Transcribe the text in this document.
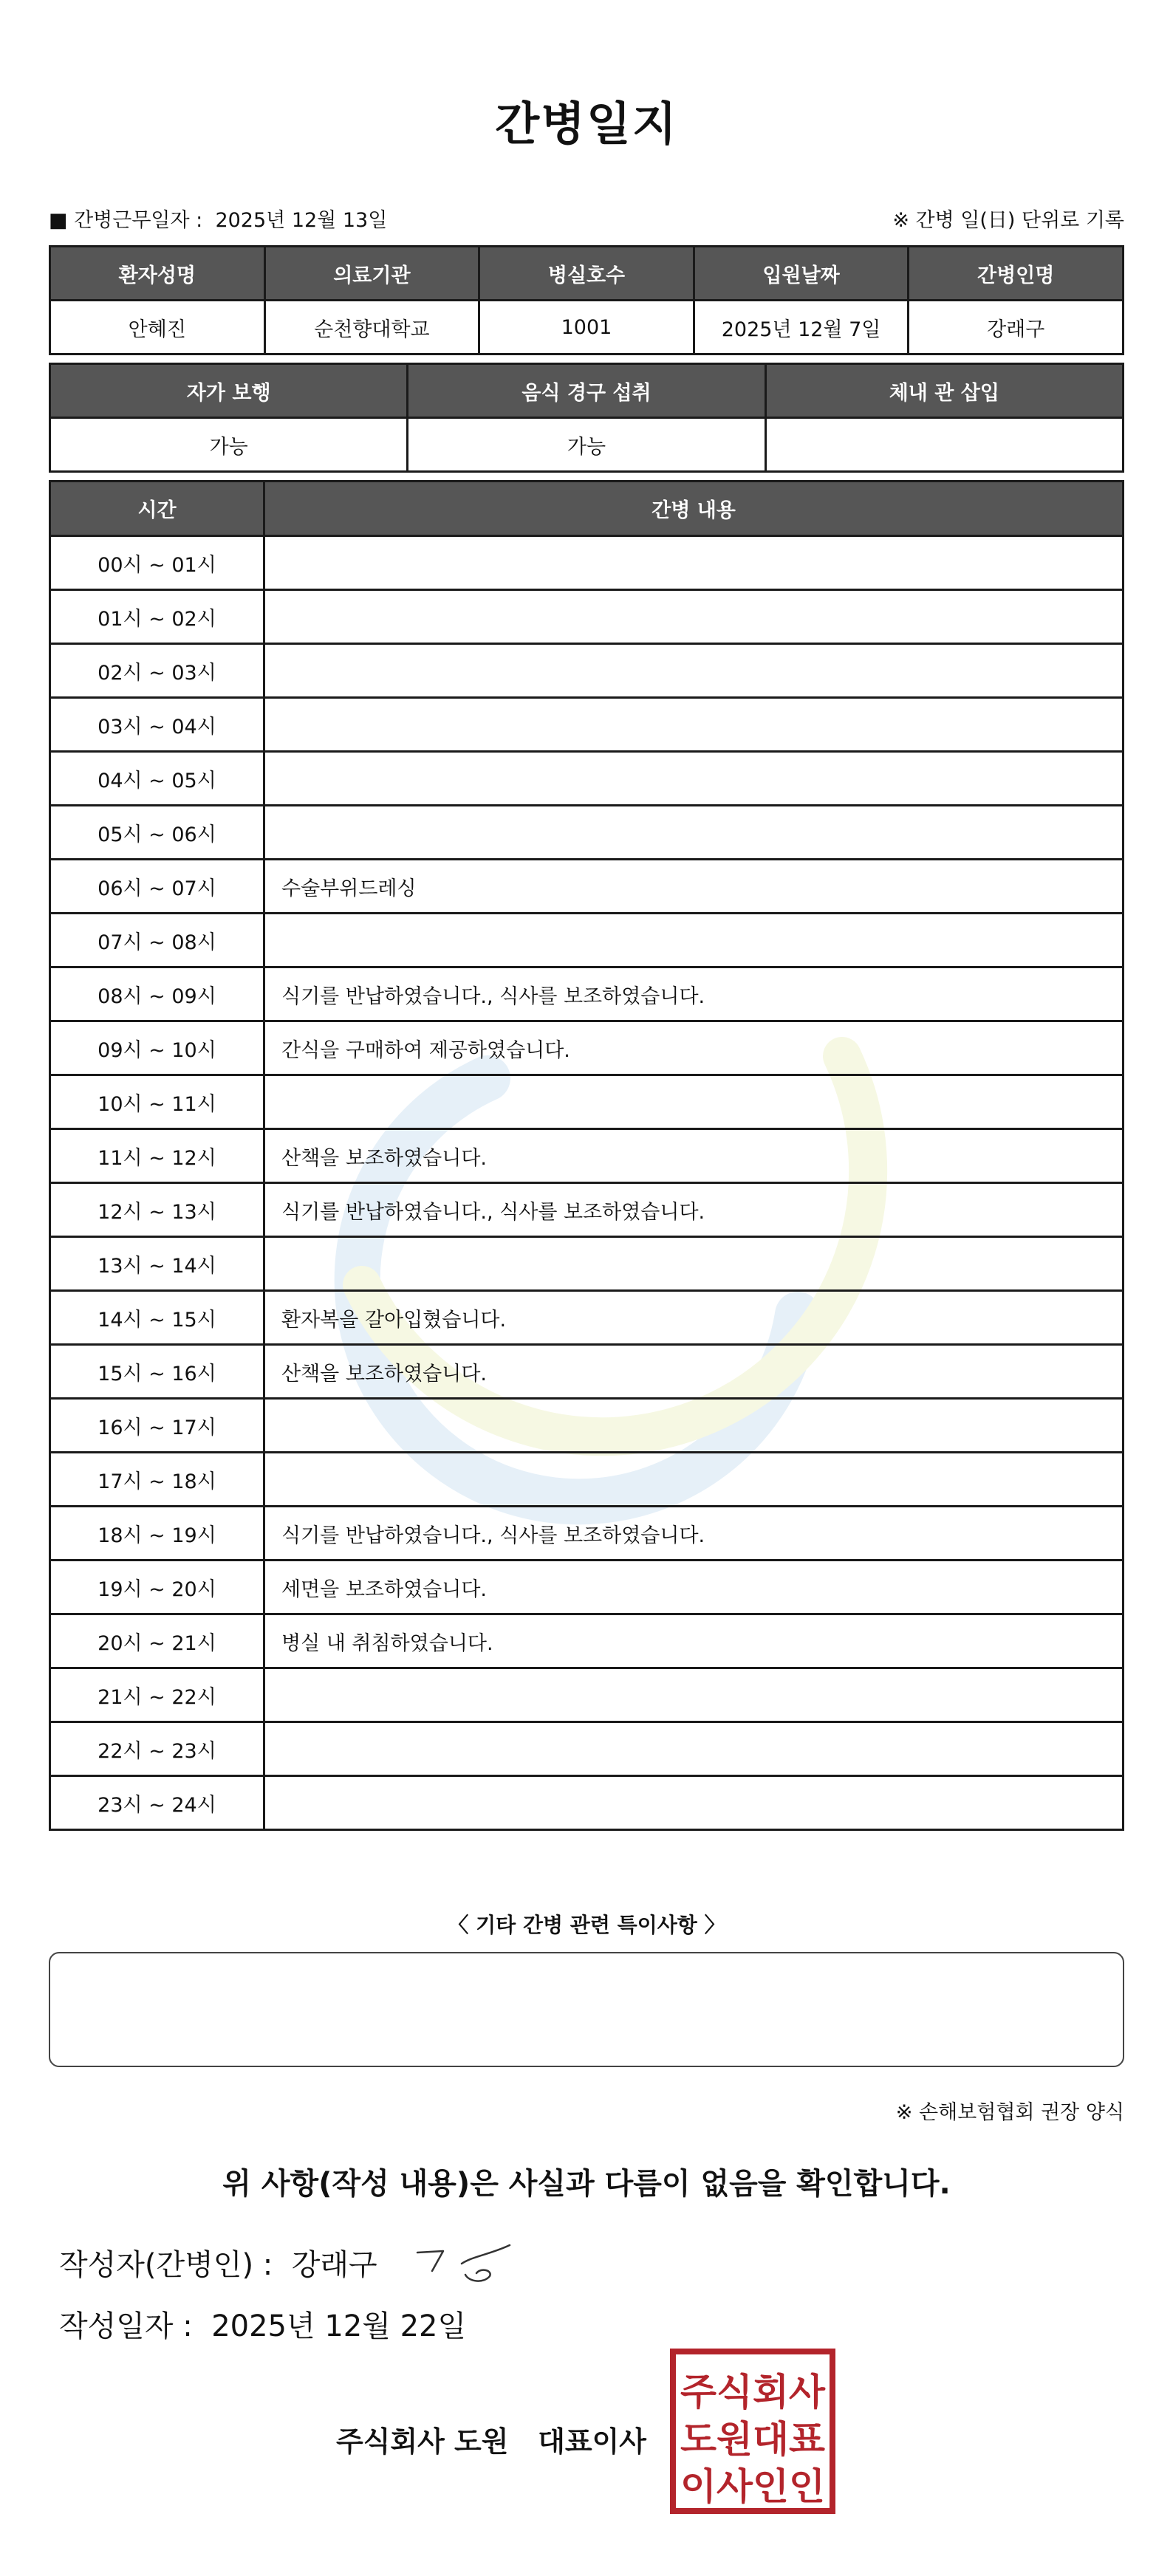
간병일지
■ 간병근무일자 : 2025년 12월 13일	※ 간병 일(日) 단위로 기록
환자성명	의료기관	병실호수	입원날짜	간병인명
안혜진	순천향대학교	1001	2025년 12월 7일	강래구
자가 보행	음식 경구 섭취	체내 관 삽입
가능	가능	
시간	간병 내용
00시 ~ 01시	
01시 ~ 02시	
02시 ~ 03시	
03시 ~ 04시	
04시 ~ 05시	
05시 ~ 06시	
06시 ~ 07시	수술부위드레싱
07시 ~ 08시	
08시 ~ 09시	식기를 반납하였습니다., 식사를 보조하였습니다.
09시 ~ 10시	간식을 구매하여 제공하였습니다.
10시 ~ 11시	
11시 ~ 12시	산책을 보조하였습니다.
12시 ~ 13시	식기를 반납하였습니다., 식사를 보조하였습니다.
13시 ~ 14시	
14시 ~ 15시	환자복을 갈아입혔습니다.
15시 ~ 16시	산책을 보조하였습니다.
16시 ~ 17시	
17시 ~ 18시	
18시 ~ 19시	식기를 반납하였습니다., 식사를 보조하였습니다.
19시 ~ 20시	세면을 보조하였습니다.
20시 ~ 21시	병실 내 취침하였습니다.
21시 ~ 22시	
22시 ~ 23시	
23시 ~ 24시	
〈 기타 간병 관련 특이사항 〉
※ 손해보험협회 권장 양식
위 사항(작성 내용)은 사실과 다름이 없음을 확인합니다.
작성자(간병인) : 강래구
작성일자 : 2025년 12월 22일
주식회사 도원 대표이사
주식회사
도원대표
이사인인
